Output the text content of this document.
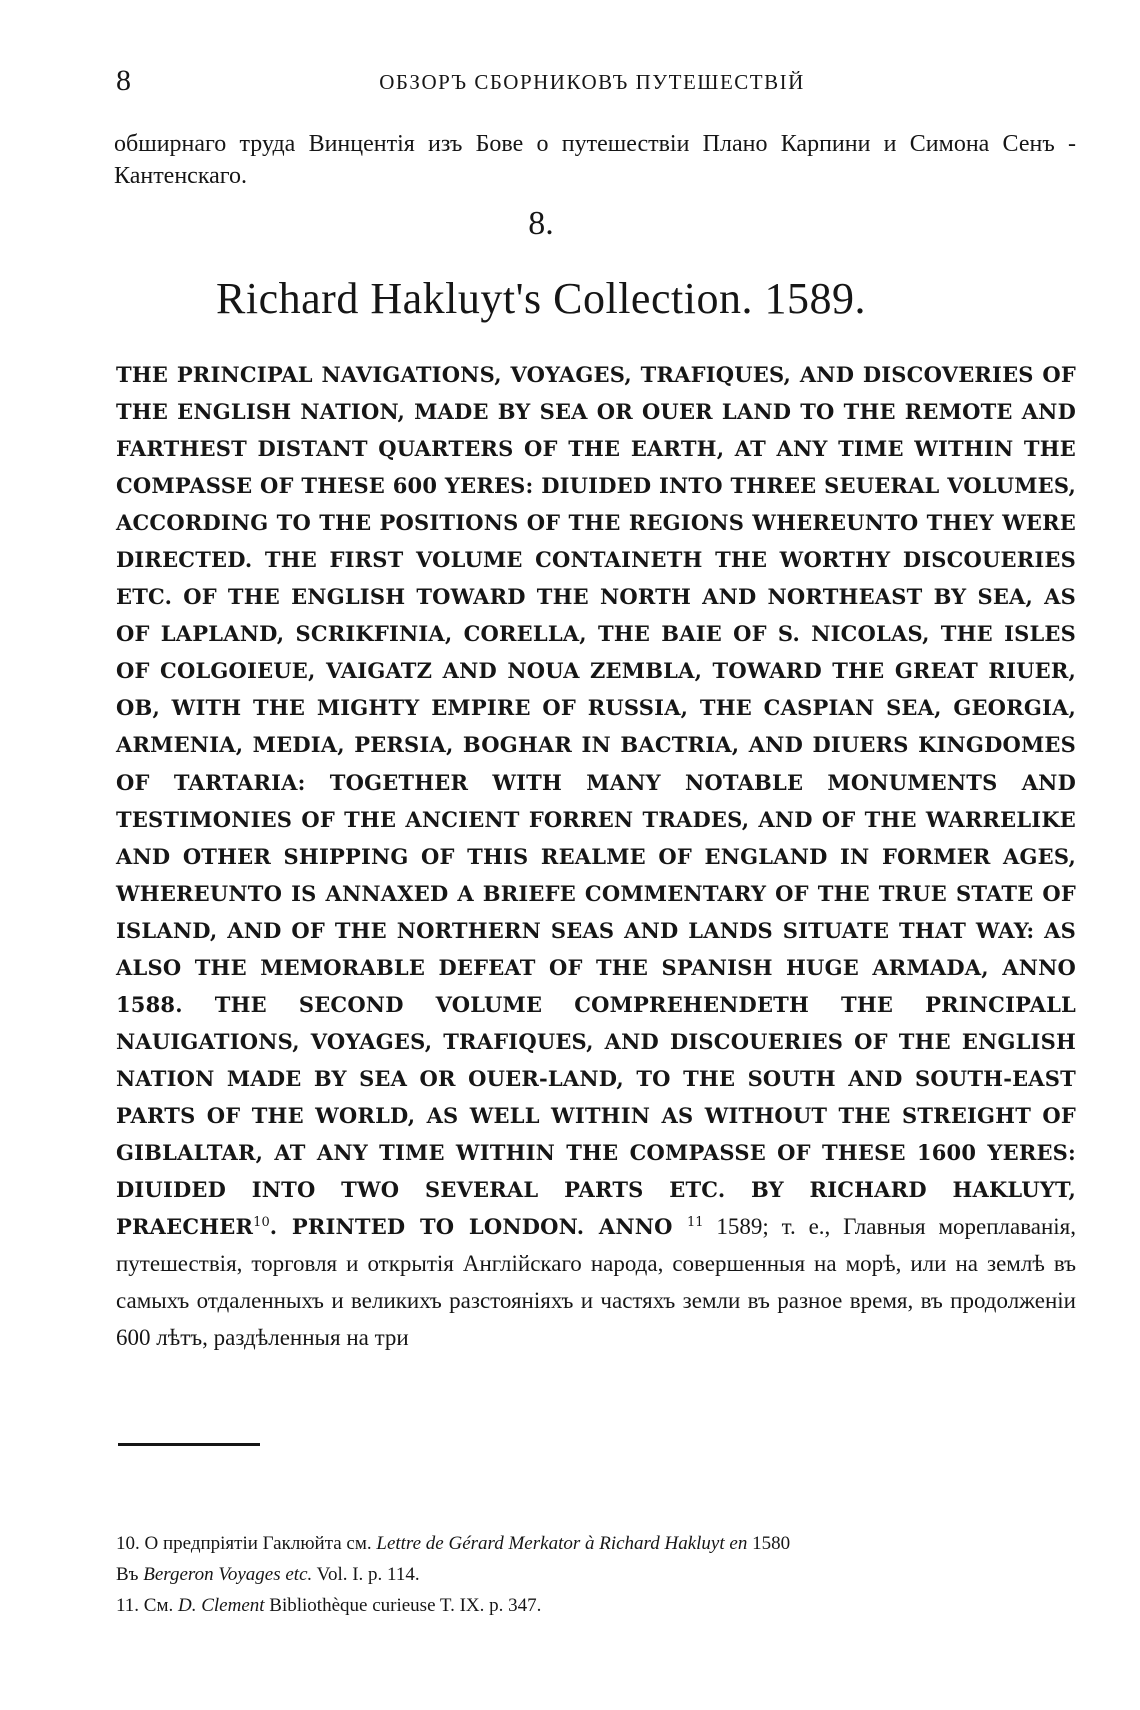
8	ОБЗОРЪ СБОРНИКОВЪ ПУТЕШЕСТВІЙ

обширнаго труда Винцентія изъ Бове о путешествіи Плано Карпини и Симона Сенъ - Кантенскаго.

8.
Richard Hakluyt's Collection. 1589.

THE PRINCIPAL NAVIGATIONS, VOYAGES, TRAFIQUES, AND DISCOVERIES OF THE ENGLISH NATION, MADE BY SEA OR OUER LAND TO THE REMOTE AND FARTHEST DISTANT QUARTERS OF THE EARTH, AT ANY TIME WITHIN THE COMPASSE OF THESE 600 YERES: DIUIDED INTO THREE SEUERAL VOLUMES, ACCORDING TO THE POSITIONS OF THE REGIONS WHEREUNTO THEY WERE DIRECTED. THE FIRST VOLUME CONTAINETH THE WORTHY DISCOUERIES ETC. OF THE ENGLISH TOWARD THE NORTH AND NORTHEAST BY SEA, AS OF LAPLAND, SCRIKFINIA, CORELLA, THE BAIE OF S. NICOLAS, THE ISLES OF COLGOIEUE, VAIGATZ AND NOUA ZEMBLA, TOWARD THE GREAT RIUER, OB, WITH THE MIGHTY EMPIRE OF RUSSIA, THE CASPIAN SEA, GEORGIA, ARMENIA, MEDIA, PERSIA, BOGHAR IN BACTRIA, AND DIUERS KINGDOMES OF TARTARIA: TOGETHER WITH MANY NOTABLE MONUMENTS AND TESTIMONIES OF THE ANCIENT FORREN TRADES, AND OF THE WARRELIKE AND OTHER SHIPPING OF THIS REALME OF ENGLAND IN FORMER AGES, WHEREUNTO IS ANNAXED A BRIEFE COMMENTARY OF THE TRUE STATE OF ISLAND, AND OF THE NORTHERN SEAS AND LANDS SITUATE THAT WAY: AS ALSO THE MEMORABLE DEFEAT OF THE SPANISH HUGE ARMADA, ANNO 1588. THE SECOND VOLUME COMPREHENDETH THE PRINCIPALL NAUIGATIONS, VOYAGES, TRAFIQUES, AND DISCOUERIES OF THE ENGLISH NATION MADE BY SEA OR OUER-LAND, TO THE SOUTH AND SOUTH-EAST PARTS OF THE WORLD, AS WELL WITHIN AS WITHOUT THE STREIGHT OF GIBLALTAR, AT ANY TIME WITHIN THE COMPASSE OF THESE 1600 YERES: DIUIDED INTO TWO SEVERAL PARTS ETC. BY RICHARD HAKLUYT, PRAECHER$^{10}$. PRINTED TO LONDON. ANNO $^{11}$ 1589; т. е., Главныя мореплаванія, путешествія, торговля и открытія Англійскаго народа, совершенныя на морѣ, или на землѣ въ самыхъ отдаленныхъ и великихъ разстояніяхъ и частяхъ земли въ разное время, въ продолженіи 600 лѣтъ, раздѣленныя на три

10. О предпріятіи Гаклюйта см. Lettre de Gérard Merkator à Richard Hakluyt en 1580
Въ Bergeron Voyages etc. Vol. I. p. 114.

11. См. D. Clement Bibliothèque curieuse T. IX. p. 347.
